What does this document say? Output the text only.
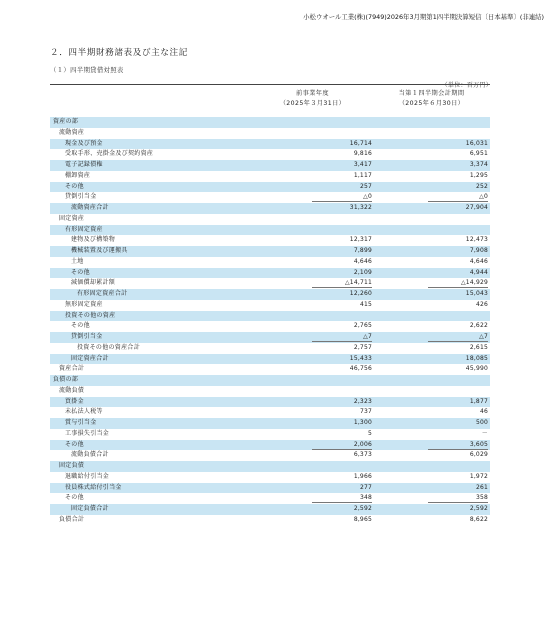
小松ウオール工業(株)(7949)2026年3月期第1四半期決算短信〔日本基準〕(非連結)
２．四半期財務諸表及び主な注記
（１）四半期貸借対照表
（単位：百万円）
前事業年度
（2025年３月31日）
当第１四半期会計期間
（2025年６月30日）
資産の部
流動資産
現金及び預金	16,714	16,031
受取手形、売掛金及び契約資産	9,816	6,951
電子記録債権	3,417	3,374
棚卸資産	1,117	1,295
その他	257	252
貸倒引当金	△0	△0
流動資産合計	31,322	27,904
固定資産
有形固定資産
建物及び構築物	12,317	12,473
機械装置及び運搬具	7,899	7,908
土地	4,646	4,646
その他	2,109	4,944
減価償却累計額	△14,711	△14,929
有形固定資産合計	12,260	15,043
無形固定資産	415	426
投資その他の資産
その他	2,765	2,622
貸倒引当金	△7	△7
投資その他の資産合計	2,757	2,615
固定資産合計	15,433	18,085
資産合計	46,756	45,990
負債の部
流動負債
買掛金	2,323	1,877
未払法人税等	737	46
賞与引当金	1,300	500
工事損失引当金	5	－
その他	2,006	3,605
流動負債合計	6,373	6,029
固定負債
退職給付引当金	1,966	1,972
役員株式給付引当金	277	261
その他	348	358
固定負債合計	2,592	2,592
負債合計	8,965	8,622
